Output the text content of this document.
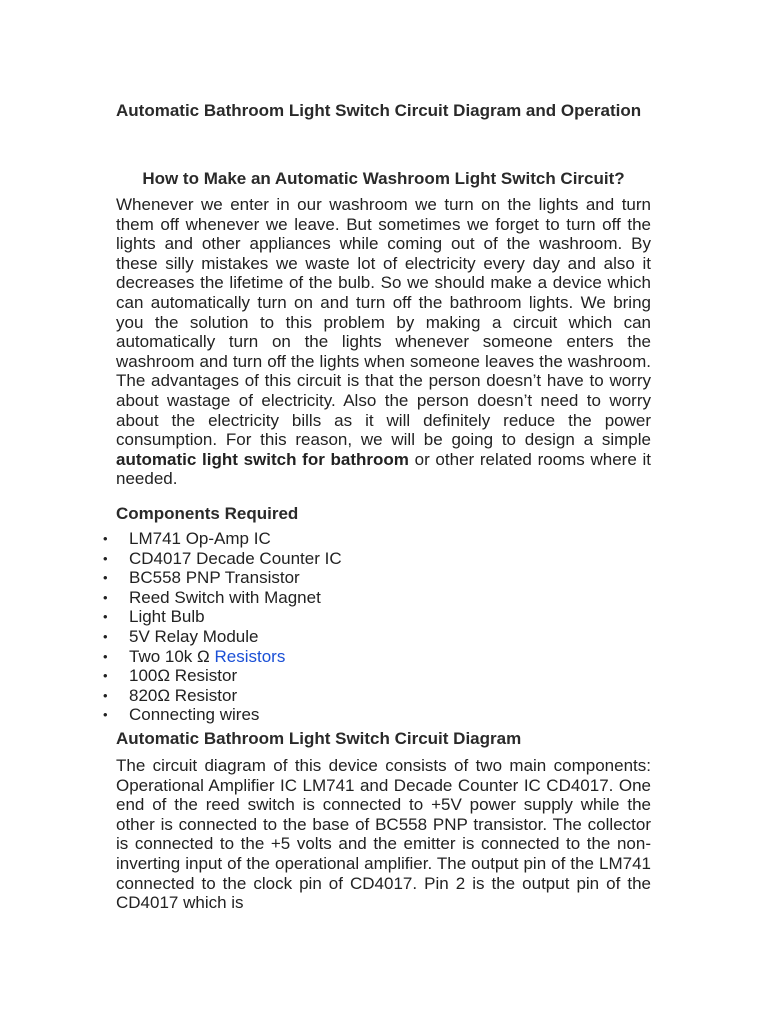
Automatic Bathroom Light Switch Circuit Diagram and Operation
How to Make an Automatic Washroom Light Switch Circuit?

Whenever we enter in our washroom we turn on the lights and turn them off whenever we leave. But sometimes we forget to turn off the lights and other appliances while coming out of the washroom. By these silly mistakes we waste lot of electricity every day and also it decreases the lifetime of the bulb. So we should make a device which can automatically turn on and turn off the bathroom lights. We bring you the solution to this problem by making a circuit which can automatically turn on the lights whenever someone enters the washroom and turn off the lights when someone leaves the washroom. The advantages of this circuit is that the person doesn’t have to worry about wastage of electricity. Also the person doesn’t need to worry about the electricity bills as it will definitely reduce the power consumption. For this reason, we will be going to design a simple automatic light switch for bathroom or other related rooms where it needed.

Components Required
• LM741 Op-Amp IC
• CD4017 Decade Counter IC
• BC558 PNP Transistor
• Reed Switch with Magnet
• Light Bulb
• 5V Relay Module
• Two 10k Ω Resistors
• 100Ω Resistor
• 820Ω Resistor
• Connecting wires
Automatic Bathroom Light Switch Circuit Diagram

The circuit diagram of this device consists of two main components: Operational Amplifier IC LM741 and Decade Counter IC CD4017. One end of the reed switch is connected to +5V power supply while the other is connected to the base of BC558 PNP transistor. The collector is connected to the +5 volts and the emitter is connected to the non-inverting input of the operational amplifier. The output pin of the LM741 connected to the clock pin of CD4017. Pin 2 is the output pin of the CD4017 which is
